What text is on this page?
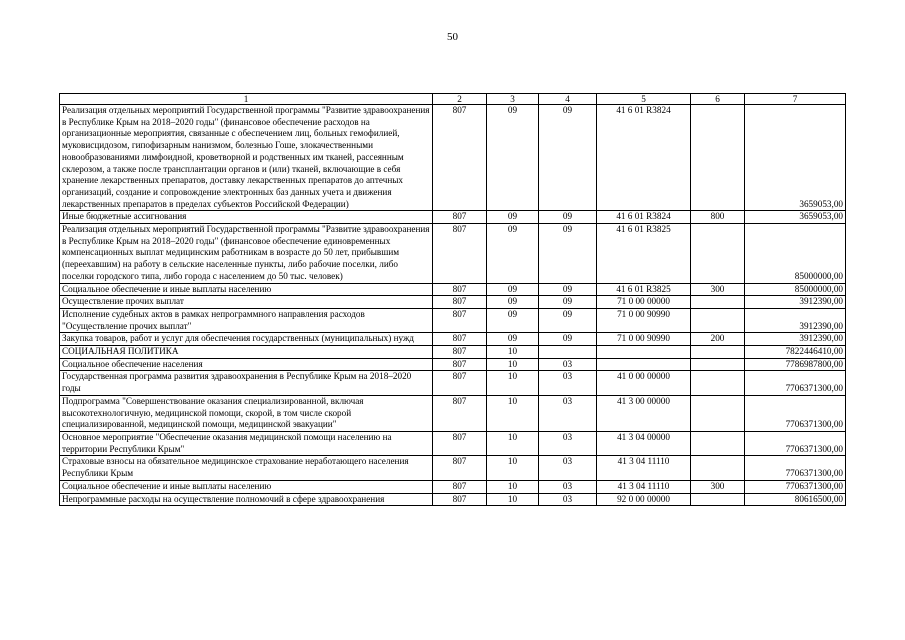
50
1	2	3	4	5	6	7
Реализация отдельных мероприятий Государственной программы "Развитие здравоохранения в Республике Крым на 2018–2020 годы" (финансовое обеспечение расходов на организационные мероприятия, связанные с обеспечением лиц, больных гемофилией, муковисцидозом, гипофизарным нанизмом, болезнью Гоше, злокачественными новообразованиями лимфоидной, кроветворной и родственных им тканей, рассеянным склерозом, а также после трансплантации органов и (или) тканей, включающие в себя хранение лекарственных препаратов, доставку лекарственных препаратов до аптечных организаций, создание и сопровождение электронных баз данных учета и движения лекарственных препаратов в пределах субъектов Российской Федерации)	807	09	09	41 6 01 R3824		3659053,00
Иные бюджетные ассигнования	807	09	09	41 6 01 R3824	800	3659053,00
Реализация отдельных мероприятий Государственной программы "Развитие здравоохранения в Республике Крым на 2018–2020 годы" (финансовое обеспечение единовременных компенсационных выплат медицинским работникам в возрасте до 50 лет, прибывшим (переехавшим) на работу в сельские населенные пункты, либо рабочие поселки, либо поселки городского типа, либо города с населением до 50 тыс. человек)	807	09	09	41 6 01 R3825		85000000,00
Социальное обеспечение и иные выплаты населению	807	09	09	41 6 01 R3825	300	85000000,00
Осуществление прочих выплат	807	09	09	71 0 00 00000		3912390,00
Исполнение судебных актов в рамках непрограммного направления расходов "Осуществление прочих выплат"	807	09	09	71 0 00 90990		3912390,00
Закупка товаров, работ и услуг для обеспечения государственных (муниципальных) нужд	807	09	09	71 0 00 90990	200	3912390,00
СОЦИАЛЬНАЯ ПОЛИТИКА	807	10				7822446410,00
Социальное обеспечение населения	807	10	03			7786987800,00
Государственная программа развития здравоохранения в Республике Крым на 2018–2020 годы	807	10	03	41 0 00 00000		7706371300,00
Подпрограмма "Совершенствование оказания специализированной, включая высокотехнологичную, медицинской помощи, скорой, в том числе скорой специализированной, медицинской помощи, медицинской эвакуации"	807	10	03	41 3 00 00000		7706371300,00
Основное мероприятие "Обеспечение оказания медицинской помощи населению на территории Республики Крым"	807	10	03	41 3 04 00000		7706371300,00
Страховые взносы на обязательное медицинское страхование неработающего населения Республики Крым	807	10	03	41 3 04 11110		7706371300,00
Социальное обеспечение и иные выплаты населению	807	10	03	41 3 04 11110	300	7706371300,00
Непрограммные расходы на осуществление полномочий в сфере здравоохранения	807	10	03	92 0 00 00000		80616500,00
